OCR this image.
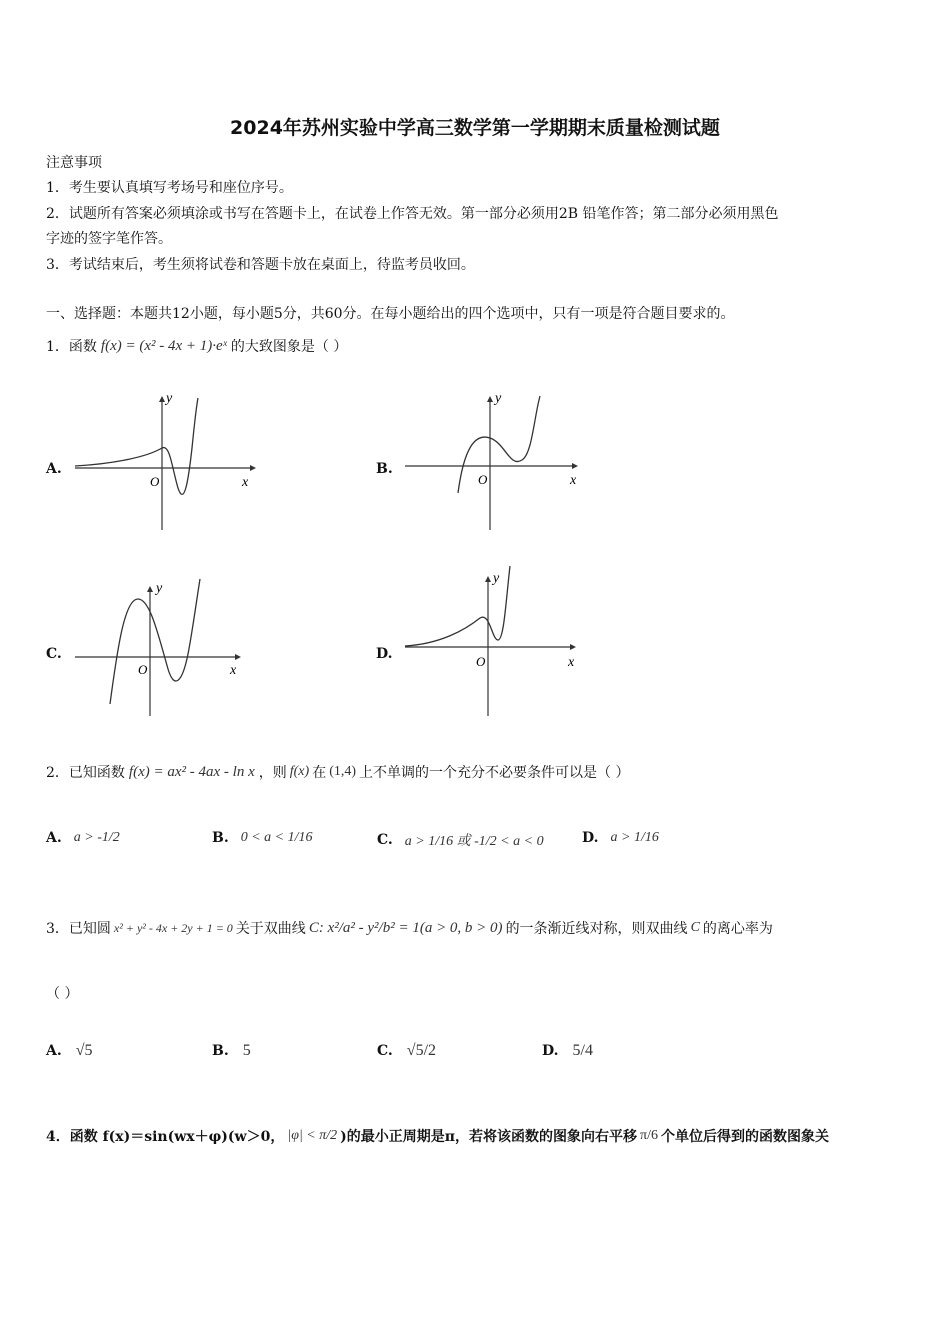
2024年苏州实验中学高三数学第一学期期末质量检测试题
注意事项
1．考生要认真填写考场号和座位序号。
2．试题所有答案必须填涂或书写在答题卡上，在试卷上作答无效。第一部分必须用2B 铅笔作答；第二部分必须用黑色
字迹的签字笔作答。
3．考试结束后，考生须将试卷和答题卡放在桌面上，待监考员收回。
一、选择题：本题共12小题，每小题5分，共60分。在每小题给出的四个选项中，只有一项是符合题目要求的。
1．函数 f(x) = (x² - 4x + 1)·eˣ 的大致图象是（ ）
A.
y
O	x
B.
y
O	x
C.
y
O	x
D.
y
O	x
2．已知函数 f(x) = ax² - 4ax - ln x ，则 f(x) 在 (1,4) 上不单调的一个充分不必要条件可以是（ ）
A. a > -1/2	B. 0 < a < 1/16	C. a > 1/16 或 -1/2 < a < 0	D. a > 1/16
3．已知圆 x² + y² - 4x + 2y + 1 = 0 关于双曲线 C: x²/a² - y²/b² = 1(a > 0, b > 0) 的一条渐近线对称，则双曲线 C 的离心率为
（ ）
A. √5	B. 5	C. √5/2	D. 5/4
4．函数 f(x)＝sin(wx＋φ)(w＞0， |φ| < π/2 )的最小正周期是π，若将该函数的图象向右平移 π/6 个单位后得到的函数图象关
